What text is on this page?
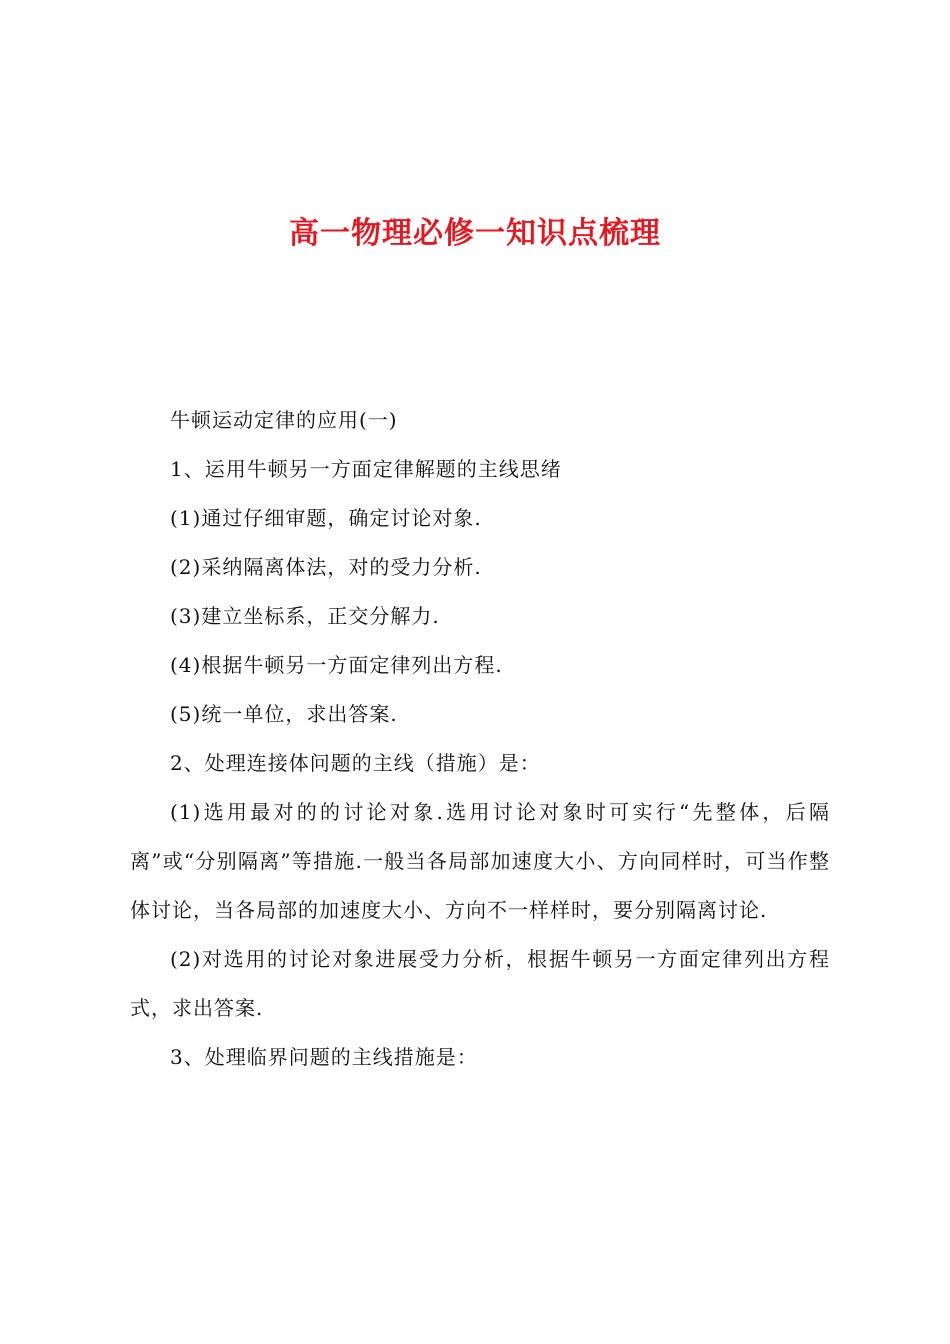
高一物理必修一知识点梳理

牛顿运动定律的应用(一)

1、运用牛顿另一方面定律解题的主线思绪

(1)通过仔细审题，确定讨论对象.

(2)采纳隔离体法，对的受力分析.

(3)建立坐标系，正交分解力.

(4)根据牛顿另一方面定律列出方程.

(5)统一单位，求出答案.

2、处理连接体问题的主线（措施）是：

(1)选用最对的的讨论对象.选用讨论对象时可实行“先整体，后隔离”或“分别隔离”等措施.一般当各局部加速度大小、方向同样时，可当作整体讨论，当各局部的加速度大小、方向不一样样时，要分别隔离讨论.

(2)对选用的讨论对象进展受力分析，根据牛顿另一方面定律列出方程式，求出答案.

3、处理临界问题的主线措施是：
